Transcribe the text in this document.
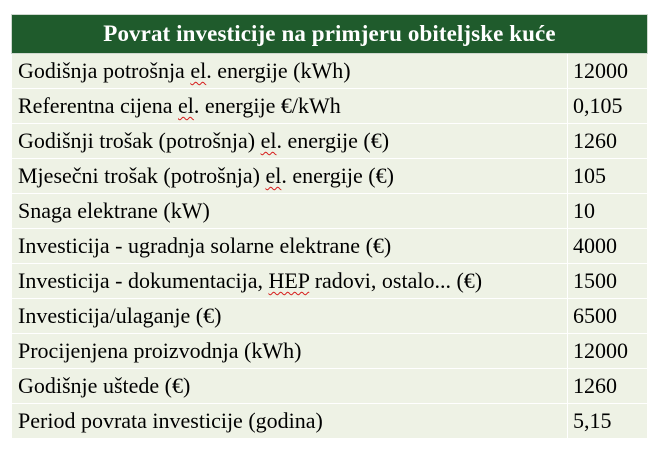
Povrat investicije na primjeru obiteljske kuće	
Godišnja potrošnja el. energije (kWh)	12000
Referentna cijena el. energije €/kWh	0,105
Godišnji trošak (potrošnja) el. energije (€)	1260
Mjesečni trošak (potrošnja) el. energije (€)	105
Snaga elektrane (kW)	10
Investicija - ugradnja solarne elektrane (€)	4000
Investicija - dokumentacija, HEP radovi, ostalo... (€)	1500
Investicija/ulaganje (€)	6500
Procijenjena proizvodnja (kWh)	12000
Godišnje uštede (€)	1260
Period povrata investicije (godina)	5,15
